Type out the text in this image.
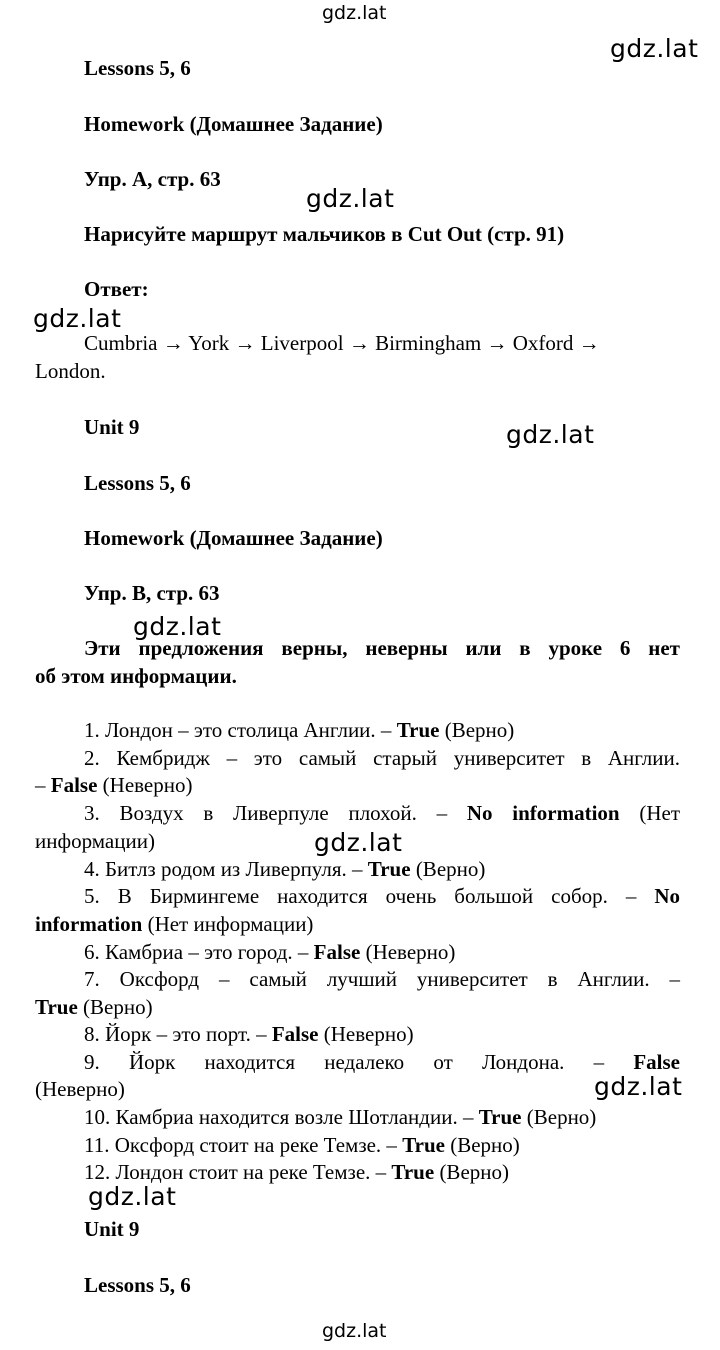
gdz.lat
gdz.lat
gdz.lat
gdz.lat
gdz.lat
gdz.lat
gdz.lat
gdz.lat
gdz.lat
gdz.lat
Lessons 5, 6
Homework (Домашнее Задание)
Упр. А, стр. 63
Нарисуйте маршрут мальчиков в Cut Out (стр. 91)
Ответ:
Cumbria → York → Liverpool → Birmingham → Oxford →
London.
Unit 9
Lessons 5, 6
Homework (Домашнее Задание)
Упр. В, стр. 63
Эти предложения верны, неверны или в уроке 6 нет
об этом информации.
1. Лондон – это столица Англии. – True (Верно)
2. Кембридж – это самый старый университет в Англии.
– False (Неверно)
3. Воздух в Ливерпуле плохой. – No information (Нет
информации)
4. Битлз родом из Ливерпуля. – True (Верно)
5. В Бирмингеме находится очень большой собор. – No
information (Нет информации)
6. Камбриа – это город. – False (Неверно)
7. Оксфорд – самый лучший университет в Англии. –
True (Верно)
8. Йорк – это порт. – False (Неверно)
9. Йорк находится недалеко от Лондона. – False
(Неверно)
10. Камбриа находится возле Шотландии. – True (Верно)
11. Оксфорд стоит на реке Темзе. – True (Верно)
12. Лондон стоит на реке Темзе. – True (Верно)
Unit 9
Lessons 5, 6
